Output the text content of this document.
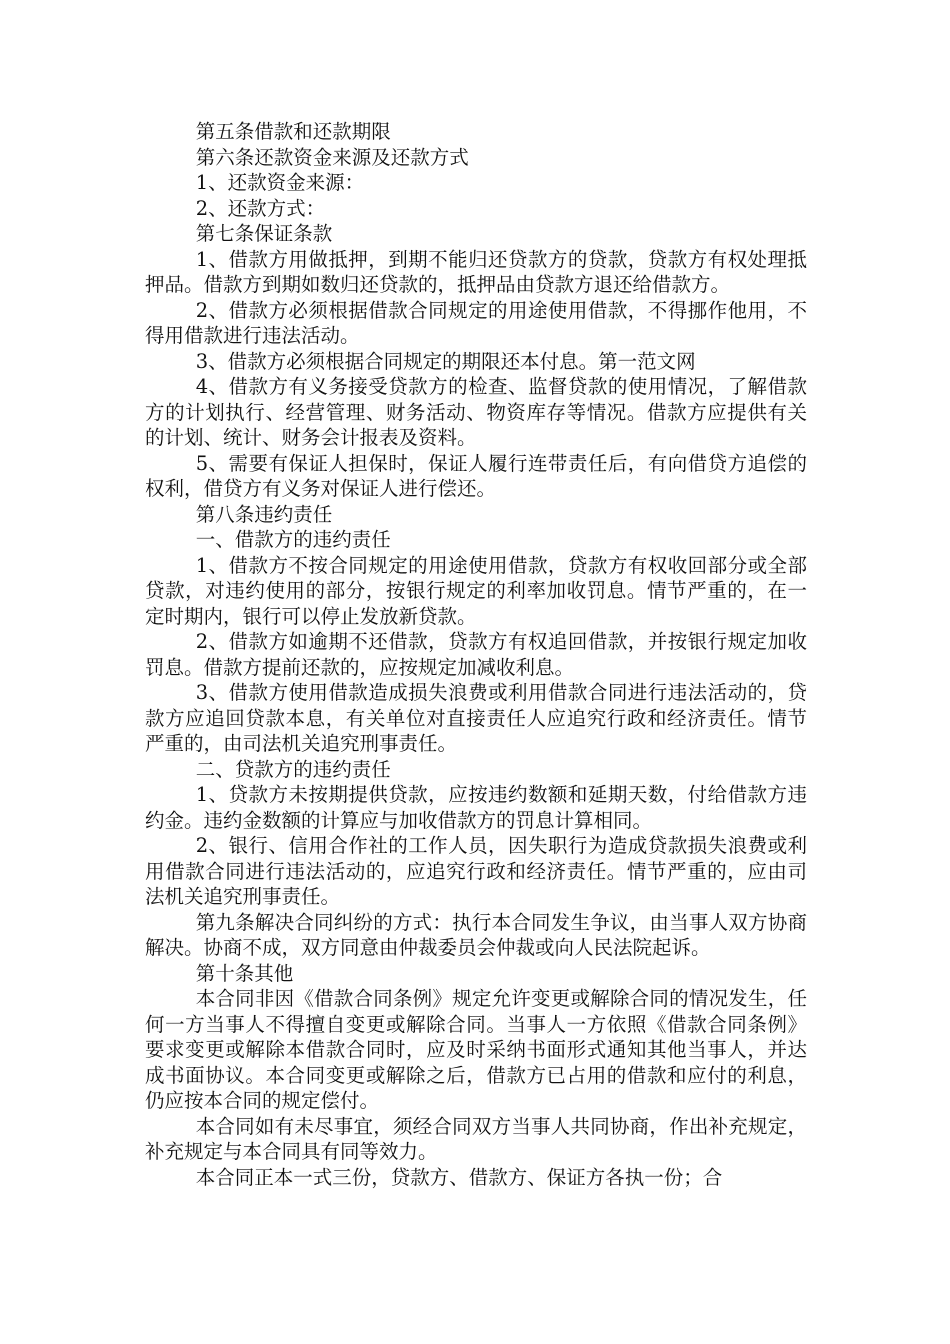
第五条借款和还款期限

第六条还款资金来源及还款方式

1、还款资金来源：

2、还款方式：

第七条保证条款

1、借款方用做抵押，到期不能归还贷款方的贷款，贷款方有权处理抵押品。借款方到期如数归还贷款的，抵押品由贷款方退还给借款方。

2、借款方必须根据借款合同规定的用途使用借款，不得挪作他用，不得用借款进行违法活动。

3、借款方必须根据合同规定的期限还本付息。第一范文网

4、借款方有义务接受贷款方的检查、监督贷款的使用情况，了解借款方的计划执行、经营管理、财务活动、物资库存等情况。借款方应提供有关的计划、统计、财务会计报表及资料。

5、需要有保证人担保时，保证人履行连带责任后，有向借贷方追偿的权利，借贷方有义务对保证人进行偿还。

第八条违约责任

一、借款方的违约责任

1、借款方不按合同规定的用途使用借款，贷款方有权收回部分或全部贷款，对违约使用的部分，按银行规定的利率加收罚息。情节严重的，在一定时期内，银行可以停止发放新贷款。

2、借款方如逾期不还借款，贷款方有权追回借款，并按银行规定加收罚息。借款方提前还款的，应按规定加减收利息。

3、借款方使用借款造成损失浪费或利用借款合同进行违法活动的，贷款方应追回贷款本息，有关单位对直接责任人应追究行政和经济责任。情节严重的，由司法机关追究刑事责任。

二、贷款方的违约责任

1、贷款方未按期提供贷款，应按违约数额和延期天数，付给借款方违约金。违约金数额的计算应与加收借款方的罚息计算相同。

2、银行、信用合作社的工作人员，因失职行为造成贷款损失浪费或利用借款合同进行违法活动的，应追究行政和经济责任。情节严重的，应由司法机关追究刑事责任。

第九条解决合同纠纷的方式：执行本合同发生争议，由当事人双方协商解决。协商不成，双方同意由仲裁委员会仲裁或向人民法院起诉。

第十条其他

本合同非因《借款合同条例》规定允许变更或解除合同的情况发生，任何一方当事人不得擅自变更或解除合同。当事人一方依照《借款合同条例》要求变更或解除本借款合同时，应及时采纳书面形式通知其他当事人，并达成书面协议。本合同变更或解除之后，借款方已占用的借款和应付的利息，仍应按本合同的规定偿付。

本合同如有未尽事宜，须经合同双方当事人共同协商，作出补充规定，补充规定与本合同具有同等效力。

本合同正本一式三份，贷款方、借款方、保证方各执一份；合
